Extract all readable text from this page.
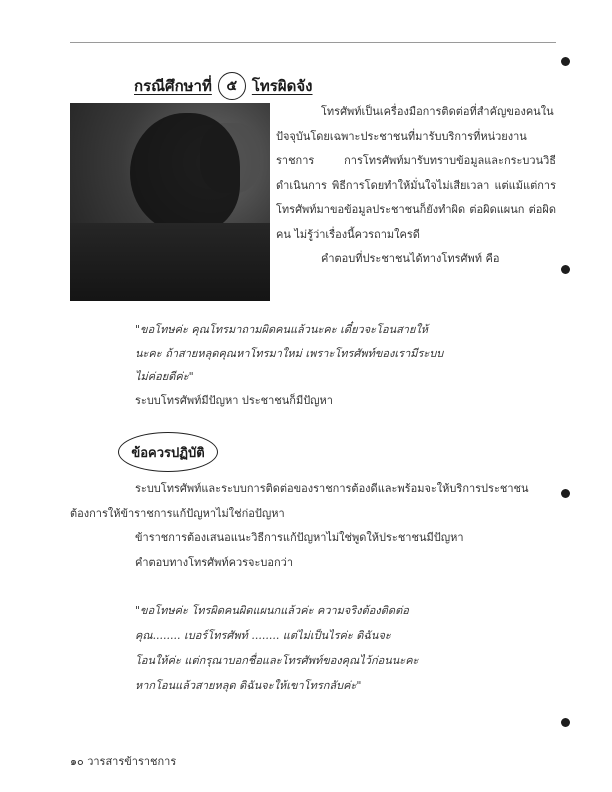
กรณีศึกษาที่	๕ โทรผิดจัง

โทรศัพท์เป็นเครื่องมือการติดต่อที่สำคัญของคนในปัจจุบันโดยเฉพาะประชาชนที่มารับบริการที่หน่วยงานราชการ การโทรศัพท์มารับทราบข้อมูลและกระบวนวิธีดำเนินการ พิธีการโดยทำให้มั่นใจไม่เสียเวลา แต่แม้แต่การโทรศัพท์มาขอข้อมูลประชาชนก็ยังทำผิด ต่อผิดแผนก ต่อผิดคน ไม่รู้ว่าเรื่องนี้ควรถามใครดี

คำตอบที่ประชาชนได้ทางโทรศัพท์ คือ

"ขอโทษค่ะ คุณโทรมาถามผิดคนแล้วนะคะ เดี๋ยวจะโอนสายให้
นะคะ ถ้าสายหลุดคุณหาโทรมาใหม่ เพราะโทรศัพท์ของเรามีระบบ
ไม่ค่อยดีค่ะ"
ระบบโทรศัพท์มีปัญหา ประชาชนก็มีปัญหา
ข้อควรปฏิบัติ

ระบบโทรศัพท์และระบบการติดต่อของราชการต้องดีและพร้อมจะให้บริการประชาชน

ต้องการให้ข้าราชการแก้ปัญหาไม่ใช่ก่อปัญหา

ข้าราชการต้องเสนอแนะวิธีการแก้ปัญหาไม่ใช่พูดให้ประชาชนมีปัญหา

คำตอบทางโทรศัพท์ควรจะบอกว่า

"ขอโทษค่ะ โทรผิดคนผิดแผนกแล้วค่ะ ความจริงต้องติดต่อ
คุณ........ เบอร์โทรศัพท์ ........ แต่ไม่เป็นไรค่ะ ดิฉันจะ
โอนให้ค่ะ แต่กรุณาบอกชื่อและโทรศัพท์ของคุณไว้ก่อนนะคะ
หากโอนแล้วสายหลุด ดิฉันจะให้เขาโทรกลับค่ะ"
๑๐ วารสารข้าราชการ
